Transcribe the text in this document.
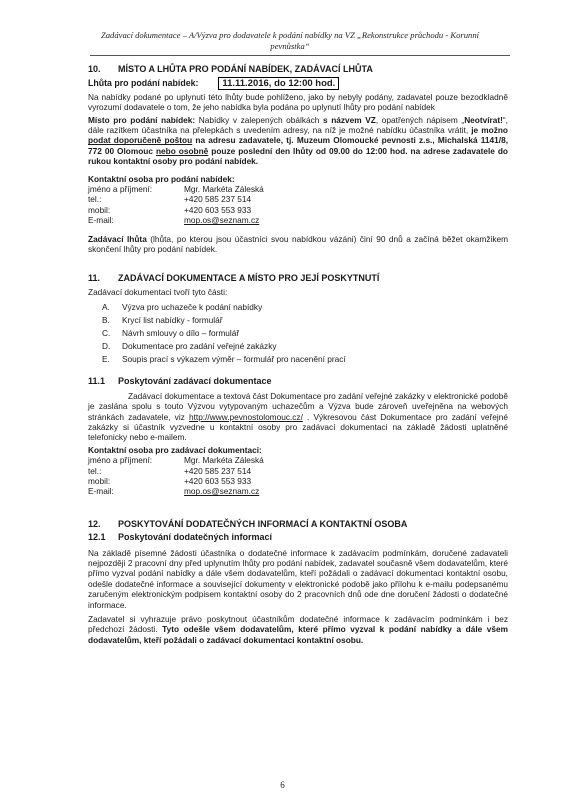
Zadávací dokumentace – A/Výzva pro dodavatele k podání nabídky na VZ „Rekonstrukce průchodu - Korunní
pevnůstka“
10.	MÍSTO A LHŮTA PRO PODÁNÍ NABÍDEK, ZADÁVACÍ LHŮTA
Lhůta pro podání nabídek:	11.11.2016, do 12:00 hod.

Na nabídky podané po uplynutí této lhůty bude pohlíženo, jako by nebyly podány, zadavatel pouze bezodkladně vyrozumí dodavatele o tom, že jeho nabídka byla podána po uplynutí lhůty pro podání nabídek

Místo pro podání nabídek: Nabídky v zalepených obálkách s názvem VZ, opatřených nápisem „Neotvírat!“, dále razítkem účastníka na přelepkách s uvedením adresy, na níž je možné nabídku účastníka vrátit, je možno podat doporučeně poštou na adresu zadavatele, tj. Muzeum Olomoucké pevnosti z.s., Michalská 1141/8, 772 00 Olomouc nebo osobně pouze poslední den lhůty od 09.00 do 12:00 hod. na adrese zadavatele do rukou kontaktní osoby pro podání nabídek.

Kontaktní osoba pro podání nabídek:
jméno a příjmení:	Mgr. Markéta Záleská
tel.:	+420 585 237 514
mobil:	+420 603 553 933
E-mail:	mop.os@seznam.cz

Zadávací lhůta (lhůta, po kterou jsou účastníci svou nabídkou vázáni) činí 90 dnů a začíná běžet okamžikem skončení lhůty pro podání nabídek.

11.	ZADÁVACÍ DOKUMENTACE A MÍSTO PRO JEJÍ POSKYTNUTÍ

Zadávací dokumentaci tvoří tyto části:

A.	Výzva pro uchazeče k podání nabídky
B.	Krycí list nabídky - formulář
C.	Návrh smlouvy o dílo – formulář
D.	Dokumentace pro zadání veřejné zakázky
E.	Soupis prací s výkazem výměr – formulář pro nacenění prací
11.1	Poskytování zadávací dokumentace

Zadávací dokumentace a textová část Dokumentace pro zadání veřejné zakázky v elektronické podobě je zaslána spolu s touto Výzvou vytypovaným uchazečům a Výzva bude zároveň uveřejněna na webových stránkách zadavatele, viz http://www.pevnostolomouc.cz/ . Výkresovou část Dokumentace pro zadání veřejné zakázky si účastník vyzvedne u kontaktní osoby pro zadávací dokumentaci na základě žádosti uplatněné telefonicky nebo e-mailem.

Kontaktní osoba pro zadávací dokumentaci:
jméno a příjmení:	Mgr. Markéta Záleská
tel.:	+420 585 237 514
mobil:	+420 603 553 933
E-mail:	mop.os@seznam.cz
12.	POSKYTOVÁNÍ DODATEČNÝCH INFORMACÍ A KONTAKTNÍ OSOBA
12.1	Poskytování dodatečných informací

Na základě písemné žádosti účastníka o dodatečné informace k zadávacím podmínkám, doručené zadavateli nejpozději 2 pracovní dny před uplynutím lhůty pro podání nabídek, zadavatel současně všem dodavatelům, které přímo vyzval podání nabídky a dále všem dodavatelům, kteří požádali o zadávací dokumentaci kontaktní osobu, odešle dodatečné informace a související dokumenty v elektronické podobě jako přílohu k e-mailu podepsanému zaručeným elektronickým podpisem kontaktní osoby do 2 pracovních dnů ode dne doručení žádosti o dodatečné informace.

Zadavatel si vyhrazuje právo poskytnout účastníkům dodatečné informace k zadávacím podmínkám i bez předchozí žádosti. Tyto odešle všem dodavatelům, které přímo vyzval k podání nabídky a dále všem dodavatelům, kteří požádali o zadávací dokumentaci kontaktní osobu.

6
